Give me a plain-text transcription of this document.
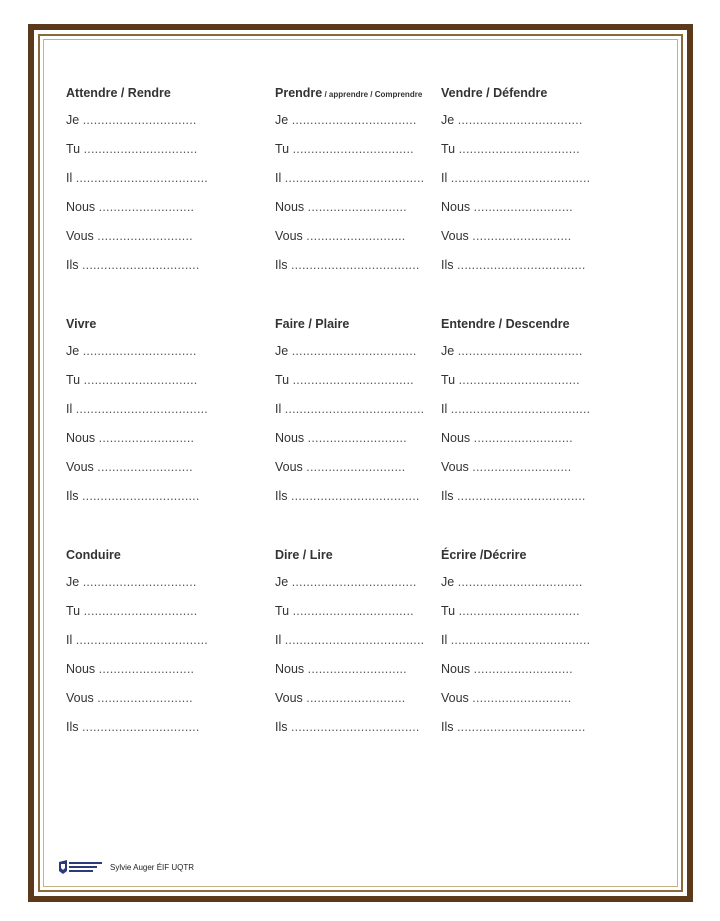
Attendre / Rendre
Je ...............................
Tu ...............................
Il ....................................
Nous ..........................
Vous ..........................
Ils ................................
Prendre / apprendre / Comprendre
Je ..................................
Tu .................................
Il ......................................
Nous ...........................
Vous ...........................
Ils ...................................
Vendre / Défendre
Je ..................................
Tu .................................
Il ......................................
Nous ...........................
Vous ...........................
Ils ...................................
Vivre
Je ...............................
Tu ...............................
Il ....................................
Nous ..........................
Vous ..........................
Ils ................................
Faire / Plaire
Je ..................................
Tu .................................
Il ......................................
Nous ...........................
Vous ...........................
Ils ...................................
Entendre / Descendre
Je ..................................
Tu .................................
Il ......................................
Nous ...........................
Vous ...........................
Ils ...................................
Conduire
Je ...............................
Tu ...............................
Il ....................................
Nous ..........................
Vous ..........................
Ils ................................
Dire / Lire
Je ..................................
Tu .................................
Il ......................................
Nous ...........................
Vous ...........................
Ils ...................................
Écrire /Décrire
Je ..................................
Tu .................................
Il ......................................
Nous ...........................
Vous ...........................
Ils ...................................
Sylvie Auger ÉIF UQTR
